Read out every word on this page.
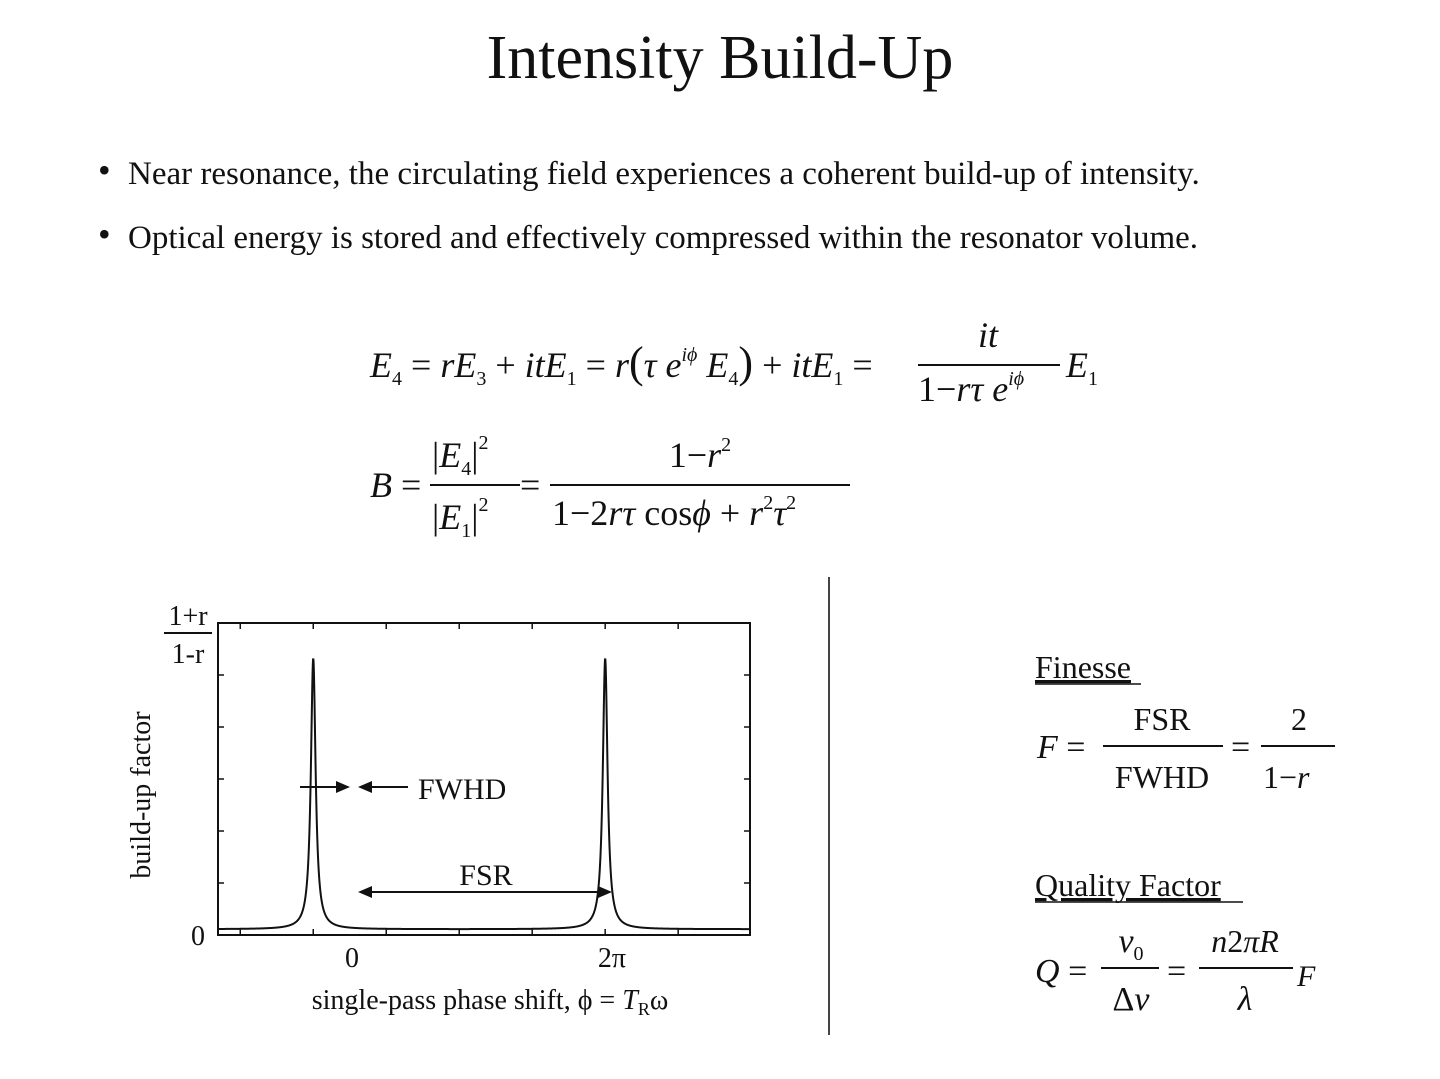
Intensity Build-Up
• Near resonance, the circulating field experiences a coherent build-up of intensity.
• Optical energy is stored and effectively compressed within the resonator volume.
$E_4 = rE_3 + itE_1 = r(\tau$ $e^{i\phi}$ $E_4) + itE_1$ =
it
1−rτ $e^{i\phi}$ $E_1$
B =
$|E_4|^2$
$|E_1|^2$ =
$1-r^2$
1−2rτ $\cos\phi + r^2\tau^2$
1+r
1-r
0
build-up factor	FWHD
FSR
0	2π
single-pass phase shift, $\phi = T_R\omega$
Finesse
F =
FSR
FWHD
=
2
1−r
Quality Factor
Q =
$\nu_0$
Δν
=
n2πR
λ
F
